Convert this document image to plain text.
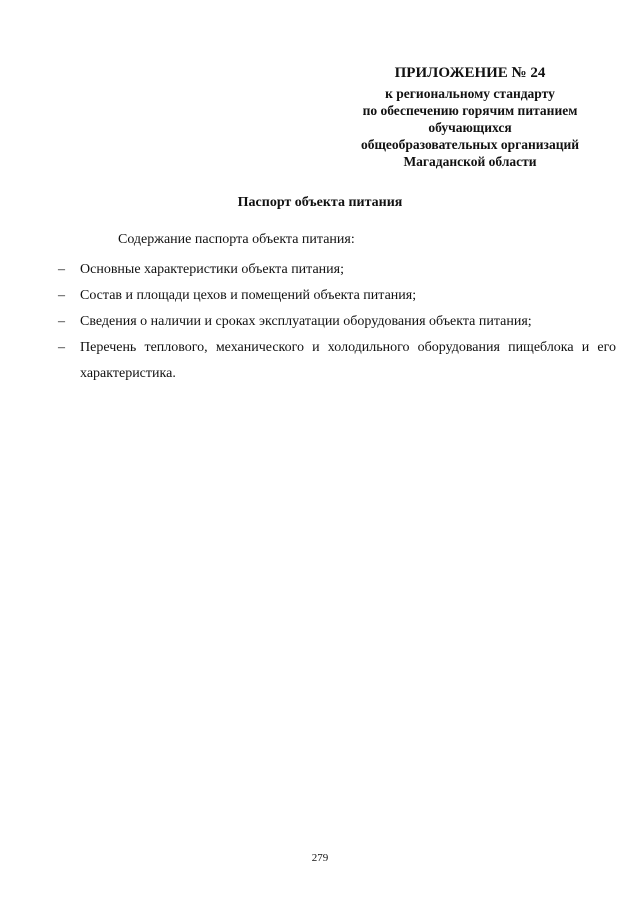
ПРИЛОЖЕНИЕ № 24
к региональному стандарту
по обеспечению горячим питанием
обучающихся
общеобразовательных организаций
Магаданской области
Паспорт объекта питания
Содержание паспорта объекта питания:
–	Основные характеристики объекта питания;
–	Состав и площади цехов и помещений объекта питания;
–	Сведения о наличии и сроках эксплуатации оборудования объекта питания;
–	Перечень теплового, механического и холодильного оборудования пищеблока и его характеристика.
279
